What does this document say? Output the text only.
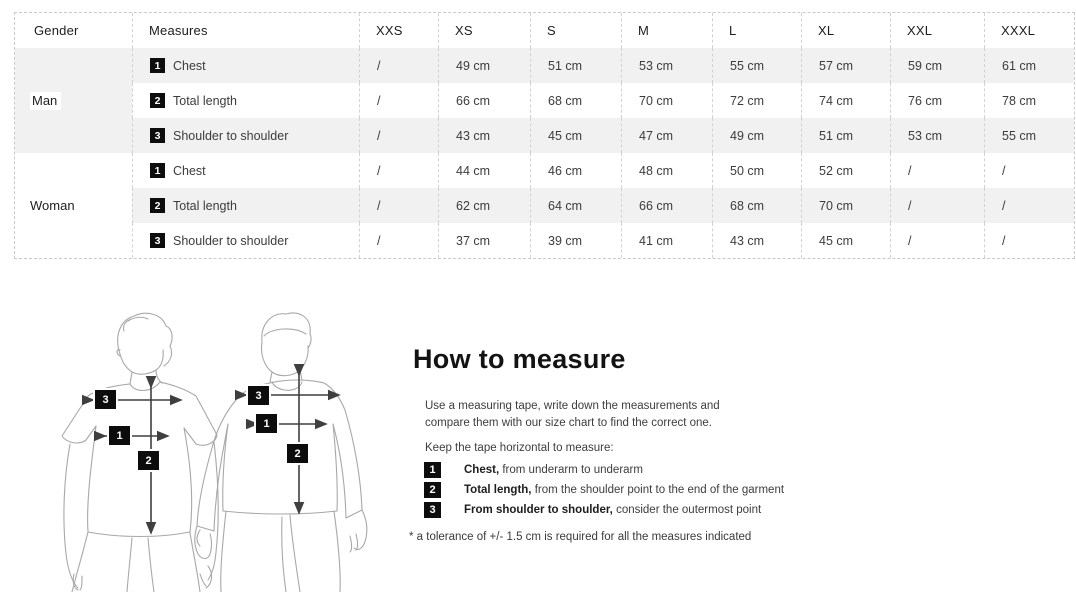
Gender	Measures	XXS	XS	S	M	L	XL	XXL	XXXL
Man
1	Chest	/	49 cm	51 cm	53 cm	55 cm	57 cm	59 cm	61 cm
2	Total length	/	66 cm	68 cm	70 cm	72 cm	74 cm	76 cm	78 cm
3	Shoulder to shoulder	/	43 cm	45 cm	47 cm	49 cm	51 cm	53 cm	55 cm
Woman
1	Chest	/	44 cm	46 cm	48 cm	50 cm	52 cm	/	/
2	Total length	/	62 cm	64 cm	66 cm	68 cm	70 cm	/	/
3	Shoulder to shoulder	/	37 cm	39 cm	41 cm	43 cm	45 cm	/	/
3
1
2
3
1
2
How to measure

Use a measuring tape, write down the measurements and
compare them with our size chart to find the correct one.

Keep the tape horizontal to measure:

1	Chest, from underarm to underarm
2	Total length, from the shoulder point to the end of the garment
3	From shoulder to shoulder, consider the outermost point

* a tolerance of +/- 1.5 cm is required for all the measures indicated
